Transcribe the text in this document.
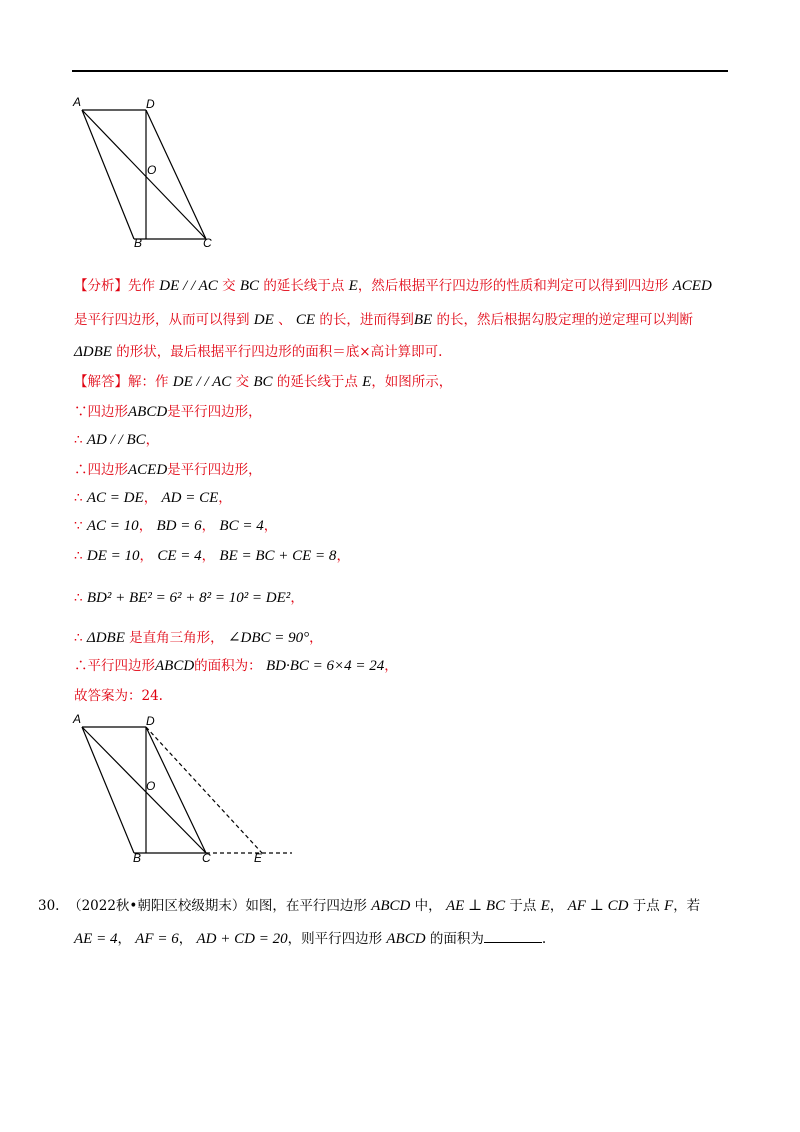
A	D
O
B	C
【分析】先作 DE / / AC 交 BC 的延长线于点 E，然后根据平行四边形的性质和判定可以得到四边形 ACED
是平行四边形，从而可以得到 DE 、 CE 的长，进而得到BE 的长，然后根据勾股定理的逆定理可以判断
ΔDBE 的形状，最后根据平行四边形的面积＝底×高计算即可.
【解答】解：作 DE / / AC 交 BC 的延长线于点 E，如图所示，
∵四边形ABCD是平行四边形，
∴ AD / / BC，
∴四边形ACED是平行四边形，
∴ AC = DE， AD = CE，
∵ AC = 10， BD = 6， BC = 4，
∴ DE = 10， CE = 4， BE = BC + CE = 8，
∴ BD² + BE² = 6² + 8² = 10² = DE²，
∴ ΔDBE 是直角三角形， ∠DBC = 90°，
∴平行四边形ABCD的面积为： BD·BC = 6×4 = 24，
故答案为：24.
A	D
O
B	C	E
30. （2022秋•朝阳区校级期末）如图，在平行四边形 ABCD 中， AE ⊥ BC 于点 E， AF ⊥ CD 于点 F，若
AE = 4， AF = 6， AD + CD = 20，则平行四边形 ABCD 的面积为	.
